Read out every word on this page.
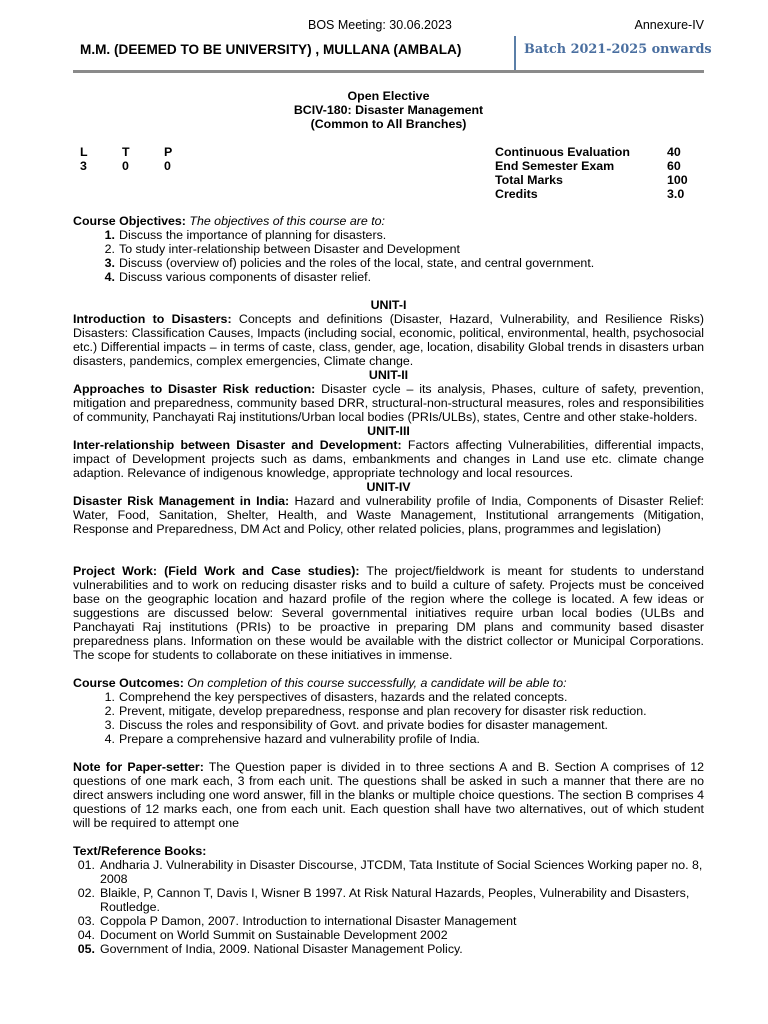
BOS Meeting: 30.06.2023	Annexure-IV
M.M. (DEEMED TO BE UNIVERSITY) , MULLANA (AMBALA)	Batch 2021-2025 onwards
Open Elective
BCIV-180: Disaster Management
(Common to All Branches)
L	T	P
3	0	0
Continuous Evaluation	40
End Semester Exam	60
Total Marks	100
Credits	3.0
Course Objectives: The objectives of this course are to:
1. Discuss the importance of planning for disasters.
2. To study inter-relationship between Disaster and Development
3. Discuss (overview of) policies and the roles of the local, state, and central government.
4. Discuss various components of disaster relief.
UNIT-I
Introduction to Disasters: Concepts and definitions (Disaster, Hazard, Vulnerability, and Resilience Risks) Disasters: Classification Causes, Impacts (including social, economic, political, environmental, health, psychosocial etc.) Differential impacts – in terms of caste, class, gender, age, location, disability Global trends in disasters urban disasters, pandemics, complex emergencies, Climate change.
UNIT-II
Approaches to Disaster Risk reduction: Disaster cycle – its analysis, Phases, culture of safety, prevention, mitigation and preparedness, community based DRR, structural-non-structural measures, roles and responsibilities of community, Panchayati Raj institutions/Urban local bodies (PRIs/ULBs), states, Centre and other stake-holders.
UNIT-III
Inter-relationship between Disaster and Development: Factors affecting Vulnerabilities, differential impacts, impact of Development projects such as dams, embankments and changes in Land use etc. climate change adaption. Relevance of indigenous knowledge, appropriate technology and local resources.
UNIT-IV
Disaster Risk Management in India: Hazard and vulnerability profile of India, Components of Disaster Relief: Water, Food, Sanitation, Shelter, Health, and Waste Management, Institutional arrangements (Mitigation, Response and Preparedness, DM Act and Policy, other related policies, plans, programmes and legislation)
Project Work: (Field Work and Case studies): The project/fieldwork is meant for students to understand vulnerabilities and to work on reducing disaster risks and to build a culture of safety. Projects must be conceived base on the geographic location and hazard profile of the region where the college is located. A few ideas or suggestions are discussed below: Several governmental initiatives require urban local bodies (ULBs and Panchayati Raj institutions (PRIs) to be proactive in preparing DM plans and community based disaster preparedness plans. Information on these would be available with the district collector or Municipal Corporations. The scope for students to collaborate on these initiatives in immense.
Course Outcomes: On completion of this course successfully, a candidate will be able to:
1. Comprehend the key perspectives of disasters, hazards and the related concepts.
2. Prevent, mitigate, develop preparedness, response and plan recovery for disaster risk reduction.
3. Discuss the roles and responsibility of Govt. and private bodies for disaster management.
4. Prepare a comprehensive hazard and vulnerability profile of India.
Note for Paper-setter: The Question paper is divided in to three sections A and B. Section A comprises of 12 questions of one mark each, 3 from each unit. The questions shall be asked in such a manner that there are no direct answers including one word answer, fill in the blanks or multiple choice questions. The section B comprises 4 questions of 12 marks each, one from each unit. Each question shall have two alternatives, out of which student will be required to attempt one
Text/Reference Books:
01. Andharia J. Vulnerability in Disaster Discourse, JTCDM, Tata Institute of Social Sciences Working paper no. 8, 2008
02. Blaikle, P, Cannon T, Davis I, Wisner B 1997. At Risk Natural Hazards, Peoples, Vulnerability and Disasters, Routledge.
03. Coppola P Damon, 2007. Introduction to international Disaster Management
04. Document on World Summit on Sustainable Development 2002
05. Government of India, 2009. National Disaster Management Policy.
